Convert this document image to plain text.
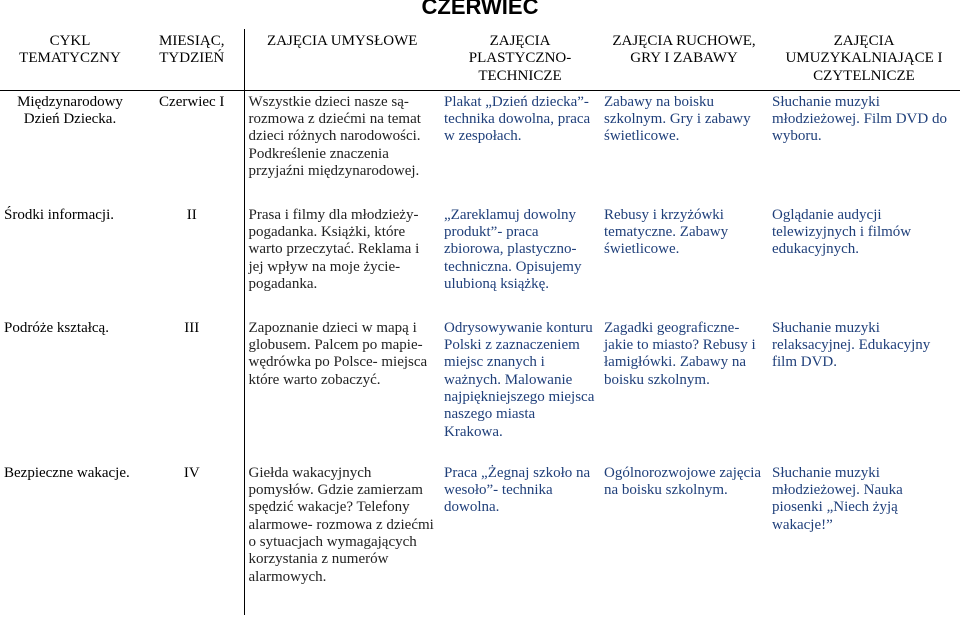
CZERWIEC
CYKL TEMATYCZNY	MIESIĄC, TYDZIEŃ	ZAJĘCIA UMYSŁOWE	ZAJĘCIA PLASTYCZNO-TECHNICZE	ZAJĘCIA RUCHOWE, GRY I ZABAWY	ZAJĘCIA UMUZYKALNIAJĄCE I CZYTELNICZE
Międzynarodowy Dzień Dziecka.	Czerwiec I	Wszystkie dzieci nasze są- rozmowa z dziećmi na temat dzieci różnych narodowości. Podkreślenie znaczenia przyjaźni międzynarodowej.	Plakat „Dzień dziecka”- technika dowolna, praca w zespołach.	Zabawy na boisku szkolnym. Gry i zabawy świetlicowe.	Słuchanie muzyki młodzieżowej. Film DVD do wyboru.
Środki informacji.	II	Prasa i filmy dla młodzieży- pogadanka. Książki, które warto przeczytać. Reklama i jej wpływ na moje życie- pogadanka.	„Zareklamuj dowolny produkt”- praca zbiorowa, plastyczno- techniczna. Opisujemy ulubioną książkę.	Rebusy i krzyżówki tematyczne. Zabawy świetlicowe.	Oglądanie audycji telewizyjnych i filmów edukacyjnych.
Podróże kształcą.	III	Zapoznanie dzieci w mapą i globusem. Palcem po mapie- wędrówka po Polsce- miejsca które warto zobaczyć.	Odrysowywanie konturu Polski z zaznaczeniem miejsc znanych i ważnych. Malowanie najpiękniejszego miejsca naszego miasta Krakowa.	Zagadki geograficzne- jakie to miasto? Rebusy i łamigłówki. Zabawy na boisku szkolnym.	Słuchanie muzyki relaksacyjnej. Edukacyjny film DVD.
Bezpieczne wakacje.	IV	Giełda wakacyjnych pomysłów. Gdzie zamierzam spędzić wakacje? Telefony alarmowe- rozmowa z dziećmi o sytuacjach wymagających korzystania z numerów alarmowych.	Praca „Żegnaj szkoło na wesoło”- technika dowolna.	Ogólnorozwojowe zajęcia na boisku szkolnym.	Słuchanie muzyki młodzieżowej. Nauka piosenki „Niech żyją wakacje!”
